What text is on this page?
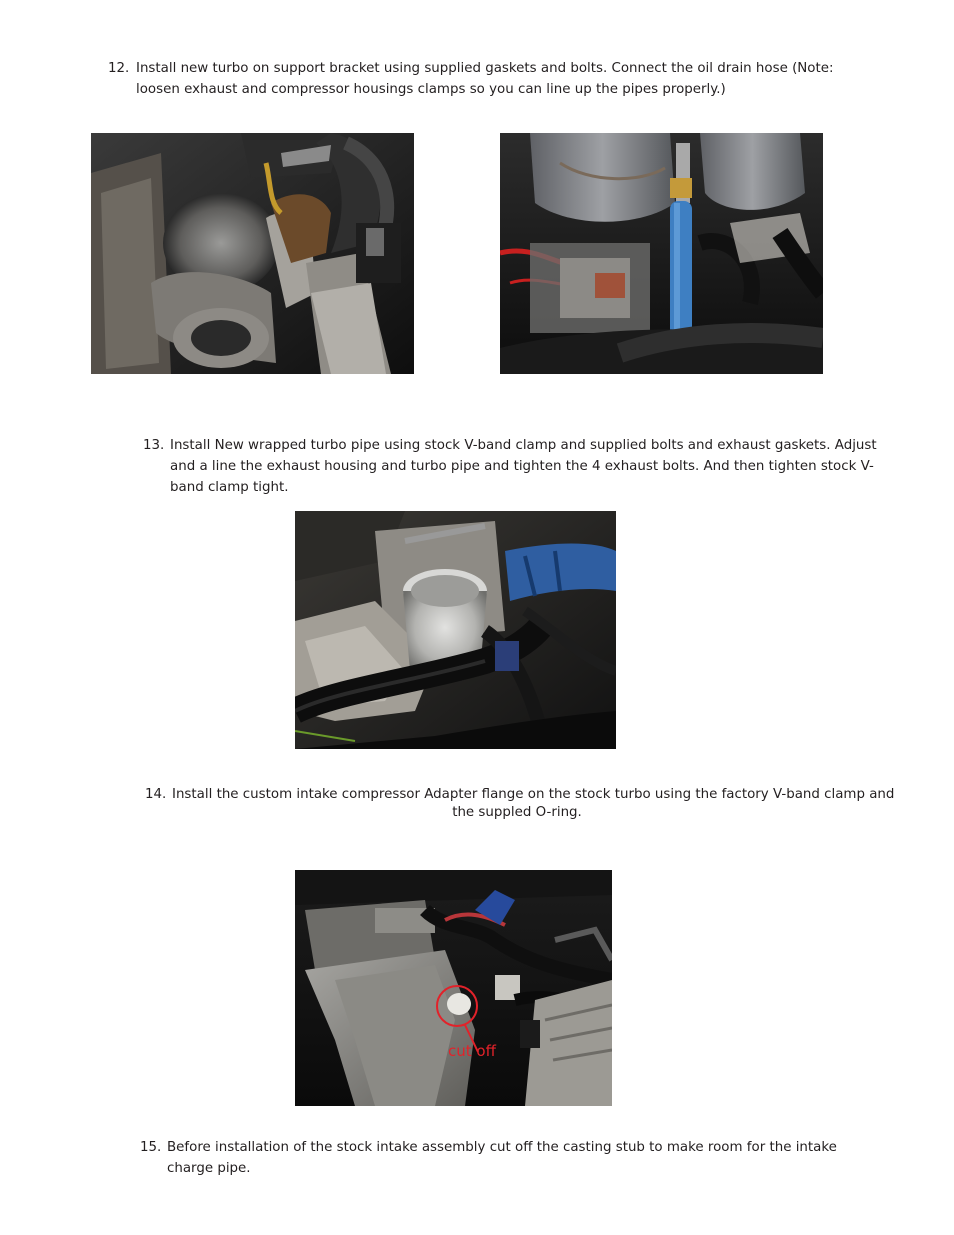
12. Install new turbo on support bracket using supplied gaskets and bolts. Connect the oil drain hose (Note:
loosen exhaust and compressor housings clamps so you can line up the pipes properly.)
13. Install New wrapped turbo pipe using stock V-band clamp and supplied bolts and exhaust gaskets. Adjust
and a line the exhaust housing and turbo pipe and tighten the 4 exhaust bolts. And then tighten stock V-
band clamp tight.
14. Install the custom intake compressor Adapter flange on the stock turbo using the factory V-band clamp and
the suppled O-ring.
cut off
15. Before installation of the stock intake assembly cut off the casting stub to make room for the intake
charge pipe.
